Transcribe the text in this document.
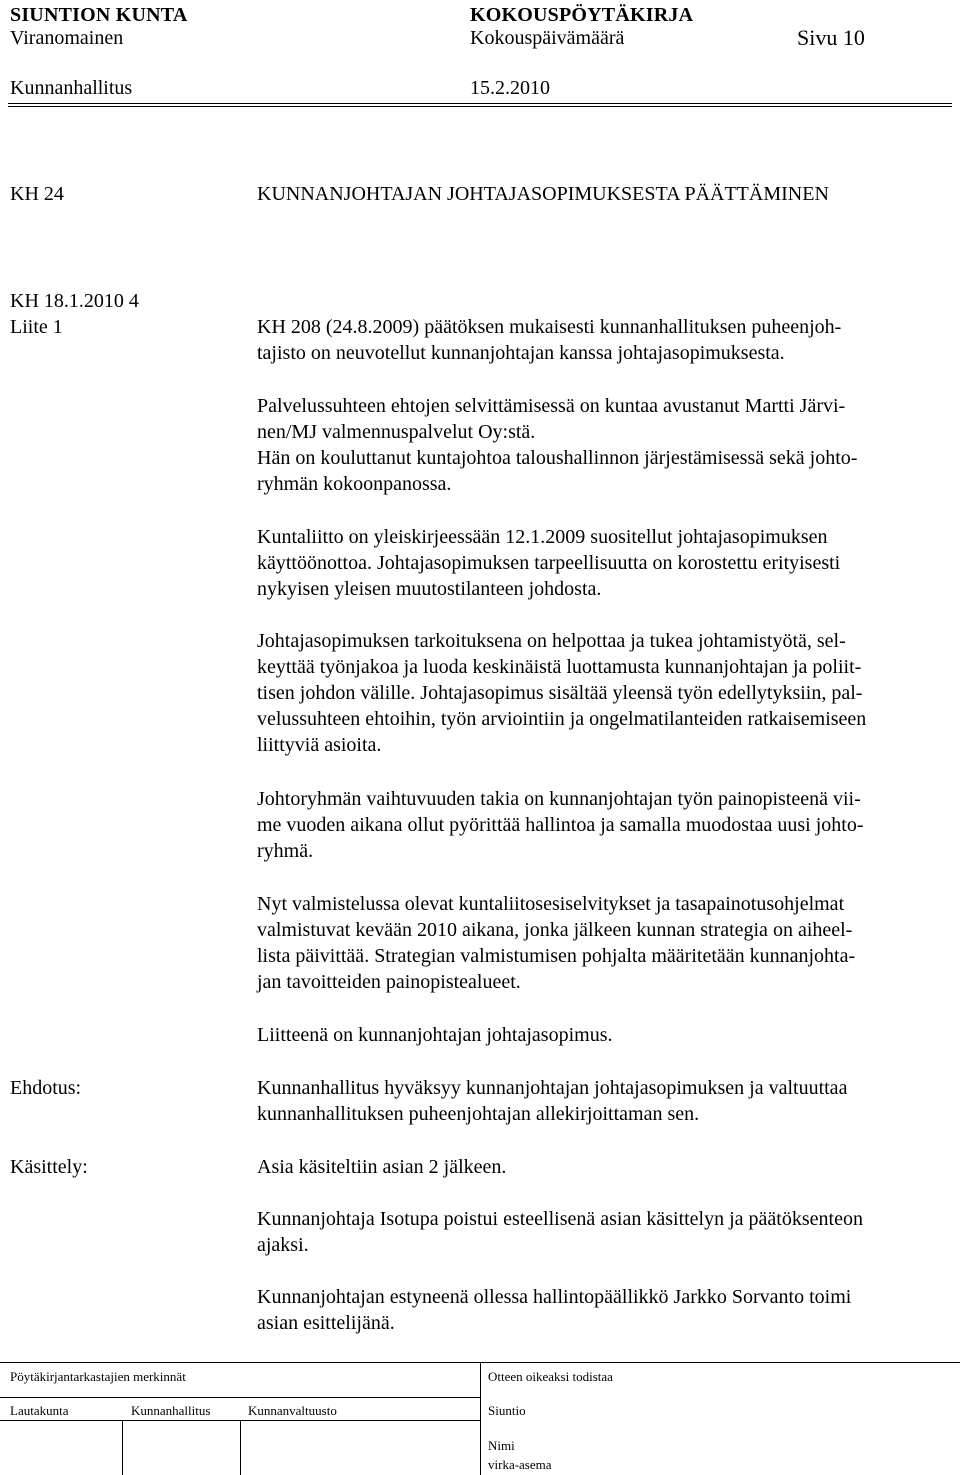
SIUNTION KUNTA	KOKOUSPÖYTÄKIRJA
Viranomainen	Kokouspäivämäärä	Sivu 10
Kunnanhallitus	15.2.2010
KH 24	KUNNANJOHTAJAN JOHTAJASOPIMUKSESTA PÄÄTTÄMINEN
KH 18.1.2010 4
Liite 1	KH 208 (24.8.2009) päätöksen mukaisesti kunnanhallituksen puheenjoh-
tajisto on neuvotellut kunnanjohtajan kanssa johtajasopimuksesta.
Palvelussuhteen ehtojen selvittämisessä on kuntaa avustanut Martti Järvi-
nen/MJ valmennuspalvelut Oy:stä.
Hän on kouluttanut kuntajohtoa taloushallinnon järjestämisessä sekä johto-
ryhmän kokoonpanossa.
Kuntaliitto on yleiskirjeessään 12.1.2009 suositellut johtajasopimuksen
käyttöönottoa. Johtajasopimuksen tarpeellisuutta on korostettu erityisesti
nykyisen yleisen muutostilanteen johdosta.
Johtajasopimuksen tarkoituksena on helpottaa ja tukea johtamistyötä, sel-
keyttää työnjakoa ja luoda keskinäistä luottamusta kunnanjohtajan ja poliit-
tisen johdon välille. Johtajasopimus sisältää yleensä työn edellytyksiin, pal-
velussuhteen ehtoihin, työn arviointiin ja ongelmatilanteiden ratkaisemiseen
liittyviä asioita.
Johtoryhmän vaihtuvuuden takia on kunnanjohtajan työn painopisteenä vii-
me vuoden aikana ollut pyörittää hallintoa ja samalla muodostaa uusi johto-
ryhmä.
Nyt valmistelussa olevat kuntaliitosesiselvitykset ja tasapainotusohjelmat
valmistuvat kevään 2010 aikana, jonka jälkeen kunnan strategia on aiheel-
lista päivittää. Strategian valmistumisen pohjalta määritetään kunnanjohta-
jan tavoitteiden painopistealueet.
Liitteenä on kunnanjohtajan johtajasopimus.
Ehdotus:	Kunnanhallitus hyväksyy kunnanjohtajan johtajasopimuksen ja valtuuttaa
kunnanhallituksen puheenjohtajan allekirjoittaman sen.
Käsittely:	Asia käsiteltiin asian 2 jälkeen.
Kunnanjohtaja Isotupa poistui esteellisenä asian käsittelyn ja päätöksenteon
ajaksi.
Kunnanjohtajan estyneenä ollessa hallintopäällikkö Jarkko Sorvanto toimi
asian esittelijänä.
Pöytäkirjantarkastajien merkinnät	Otteen oikeaksi todistaa
Lautakunta	Kunnanhallitus	Kunnanvaltuusto	Siuntio
Nimi
virka-asema
